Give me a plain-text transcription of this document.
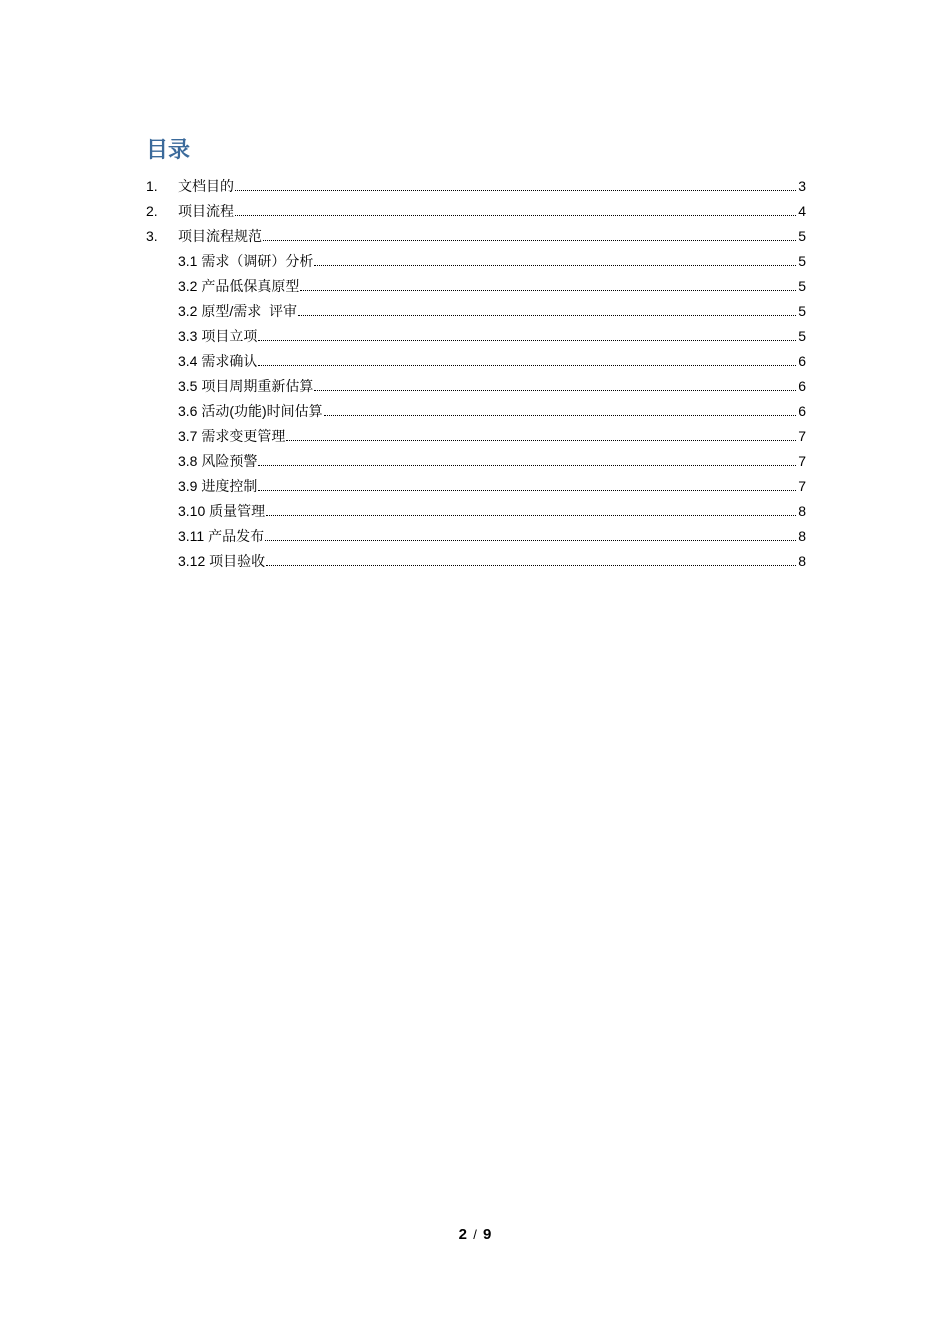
目录
1.	文档目的	3
2.	项目流程	4
3.	项目流程规范	5
3.1 需求（调研）分析	5
3.2 产品低保真原型	5
3.2 原型/需求  评审	5
3.3 项目立项	5
3.4 需求确认	6
3.5 项目周期重新估算	6
3.6 活动(功能)时间估算	6
3.7 需求变更管理	7
3.8 风险预警	7
3.9 进度控制	7
3.10 质量管理	8
3.11 产品发布	8
3.12 项目验收	8
2 / 9
